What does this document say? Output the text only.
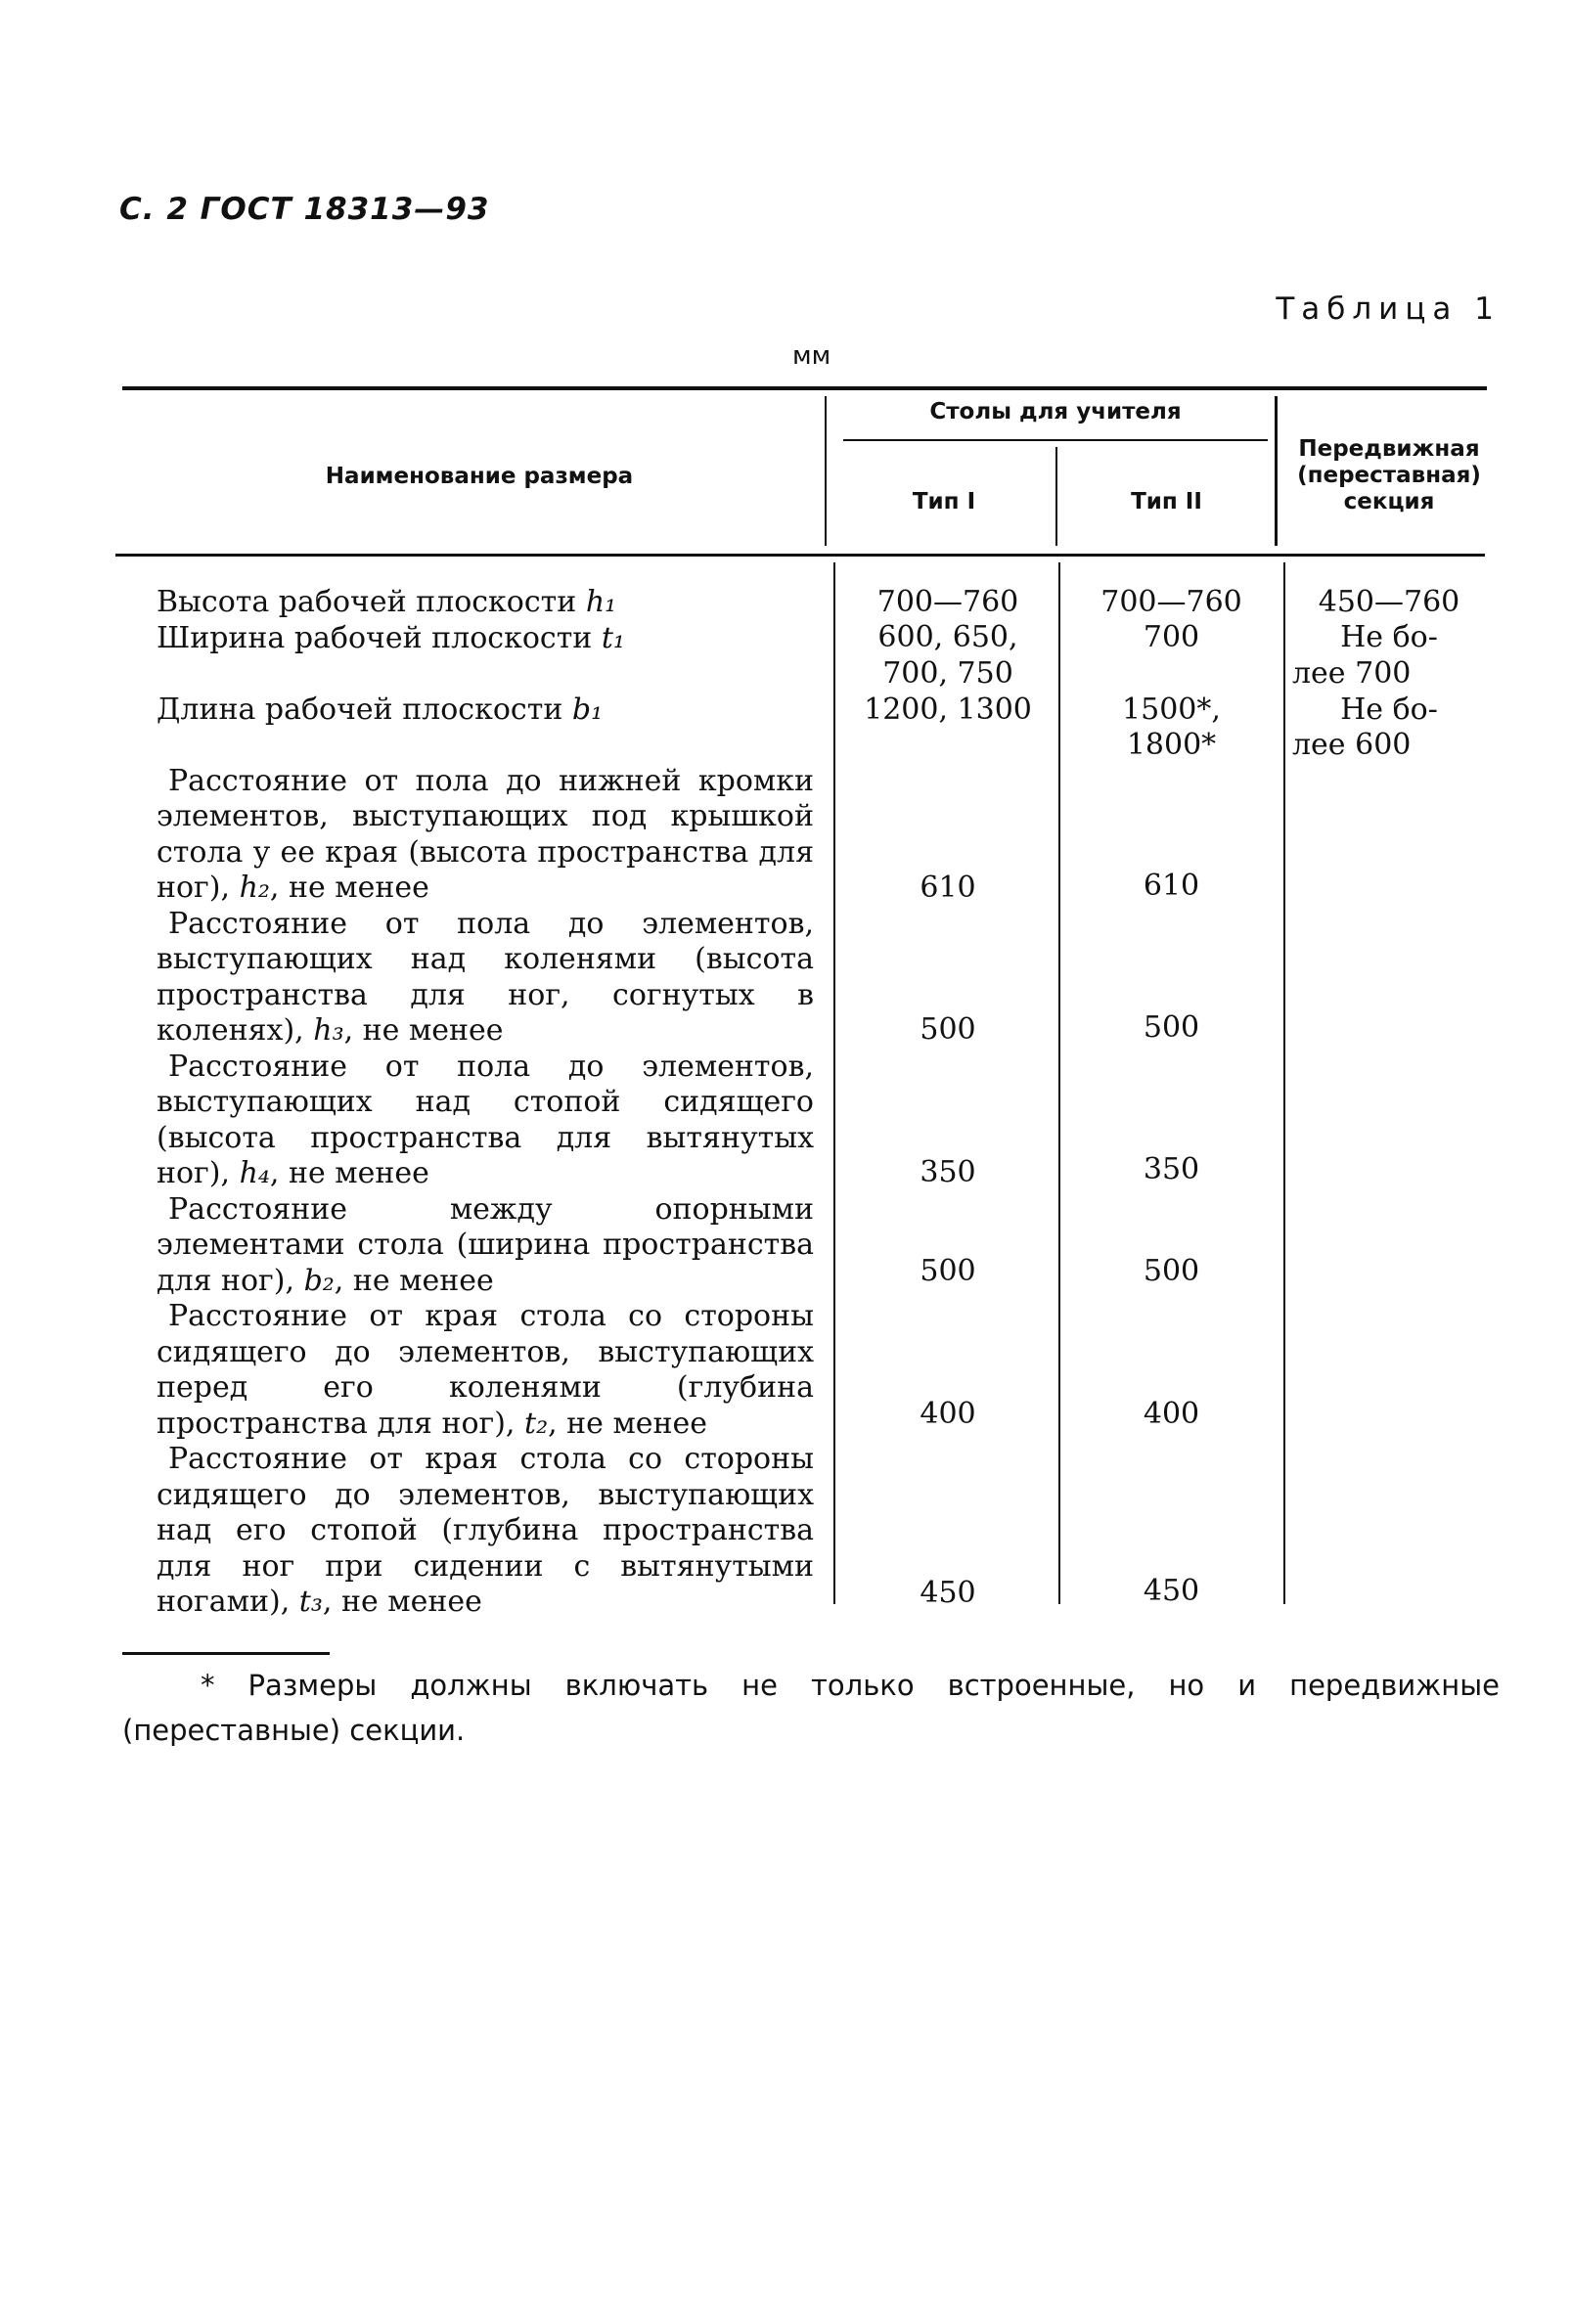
С. 2 ГОСТ 18313—93
Таблица 1
мм
Наименование размера
Столы для учителя
Тип I	Тип II
Передвижная
(переставная)
секция
Высота рабочей плоскости h₁
Ширина рабочей плоскости t₁
Длина рабочей плоскости b₁
Расстояние от пола до нижней кромки элементов, выступающих под крышкой стола у ее края (высота пространства для ног), h₂, не менее
Расстояние от пола до элементов, выступающих над коленями (высота пространства для ног, согнутых в коленях), h₃, не менее
Расстояние от пола до элементов, выступающих над стопой сидящего (высота пространства для вытянутых ног), h₄, не менее
Расстояние между опорными элементами стола (ширина пространства для ног), b₂, не менее
Расстояние от края стола со стороны сидящего до элементов, выступающих перед его коленями (глубина пространства для ног), t₂, не менее
Расстояние от края стола со стороны сидящего до элементов, выступающих над его стопой (глубина пространства для ног при сидении с вытянутыми ногами), t₃, не менее
700—760
600, 650,
700, 750
1200, 1300
610
500
350
500
400
450
700—760
700
1500*,
1800*
610
500
350
500
400
450
450—760
Не бо-
лее 700
Не бо-
лее 600
* Размеры должны включать не только встроенные, но и передвижные (переставные) секции.
